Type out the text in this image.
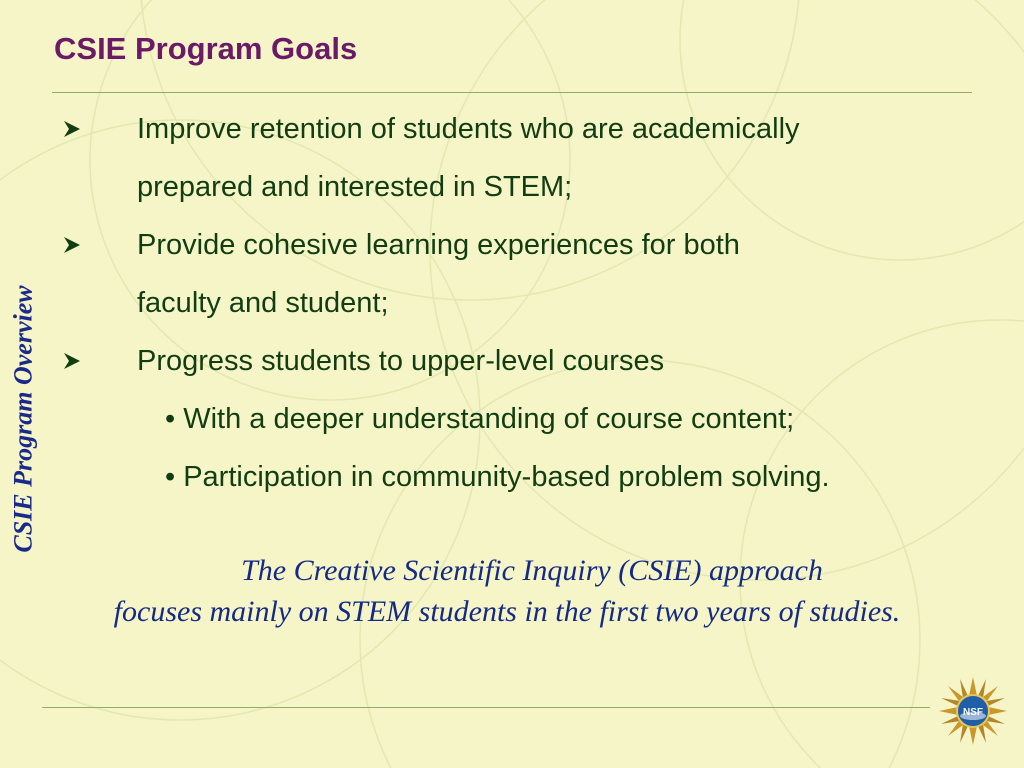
CSIE Program Goals
CSIE Program Overview
Improve retention of students who are academically
prepared and interested in STEM;
Provide cohesive learning experiences for both
faculty and student;
Progress students to upper-level courses
• With a deeper understanding of course content;
• Participation in community-based problem solving.

The Creative Scientific Inquiry (CSIE) approach
focuses mainly on STEM students in the first two years of studies.

NSF
